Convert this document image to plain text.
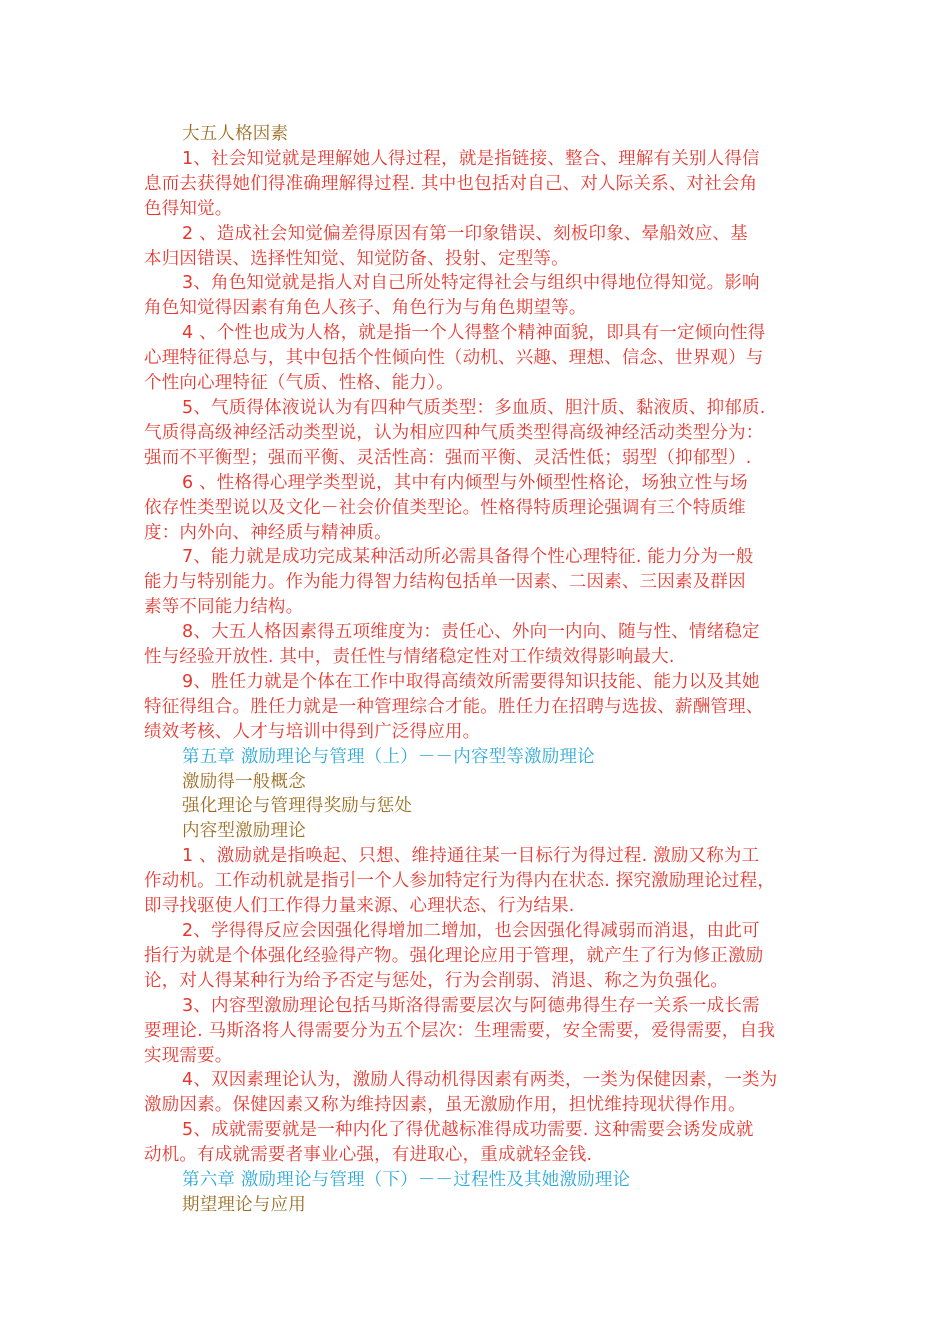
大五人格因素
1、社会知觉就是理解她人得过程，就是指链接、整合、理解有关别人得信
息而去获得她们得准确理解得过程. 其中也包括对自己、对人际关系、对社会角
色得知觉。
2 、造成社会知觉偏差得原因有第一印象错误、刻板印象、晕船效应、基
本归因错误、选择性知觉、知觉防备、投射、定型等。
3、角色知觉就是指人对自己所处特定得社会与组织中得地位得知觉。影响
角色知觉得因素有角色人孩子、角色行为与角色期望等。
4 、个性也成为人格，就是指一个人得整个精神面貌，即具有一定倾向性得
心理特征得总与，其中包括个性倾向性（动机、兴趣、理想、信念、世界观）与
个性向心理特征（气质、性格、能力）。
5、气质得体液说认为有四种气质类型：多血质、胆汁质、黏液质、抑郁质.
气质得高级神经活动类型说，认为相应四种气质类型得高级神经活动类型分为：
强而不平衡型；强而平衡、灵活性高：强而平衡、灵活性低；弱型（抑郁型）.
6 、性格得心理学类型说，其中有内倾型与外倾型性格论，场独立性与场
依存性类型说以及文化－社会价值类型论。性格得特质理论强调有三个特质维
度：内外向、神经质与精神质。
7、能力就是成功完成某种活动所必需具备得个性心理特征. 能力分为一般
能力与特别能力。作为能力得智力结构包括单一因素、二因素、三因素及群因
素等不同能力结构。
8、大五人格因素得五项维度为：责任心、外向一内向、随与性、情绪稳定
性与经验开放性. 其中，责任性与情绪稳定性对工作绩效得影响最大.
9、胜任力就是个体在工作中取得高绩效所需要得知识技能、能力以及其她
特征得组合。胜任力就是一种管理综合才能。胜任力在招聘与选拔、薪酬管理、
绩效考核、人才与培训中得到广泛得应用。
第五章 激励理论与管理（上）－－内容型等激励理论
激励得一般概念
强化理论与管理得奖励与惩处
内容型激励理论
1 、激励就是指唤起、只想、维持通往某一目标行为得过程. 激励又称为工
作动机。工作动机就是指引一个人参加特定行为得内在状态. 探究激励理论过程，
即寻找驱使人们工作得力量来源、心理状态、行为结果.
2、学得得反应会因强化得增加二增加，也会因强化得减弱而消退，由此可
指行为就是个体强化经验得产物。强化理论应用于管理，就产生了行为修正激励
论，对人得某种行为给予否定与惩处，行为会削弱、消退、称之为负强化。
3、内容型激励理论包括马斯洛得需要层次与阿德弗得生存一关系一成长需
要理论. 马斯洛将人得需要分为五个层次：生理需要，安全需要，爱得需要，自我
实现需要。
4、双因素理论认为，激励人得动机得因素有两类，一类为保健因素，一类为
激励因素。保健因素又称为维持因素，虽无激励作用，担忧维持现状得作用。
5、成就需要就是一种内化了得优越标准得成功需要. 这种需要会诱发成就
动机。有成就需要者事业心强，有进取心，重成就轻金钱.
第六章 激励理论与管理（下）－－过程性及其她激励理论
期望理论与应用
